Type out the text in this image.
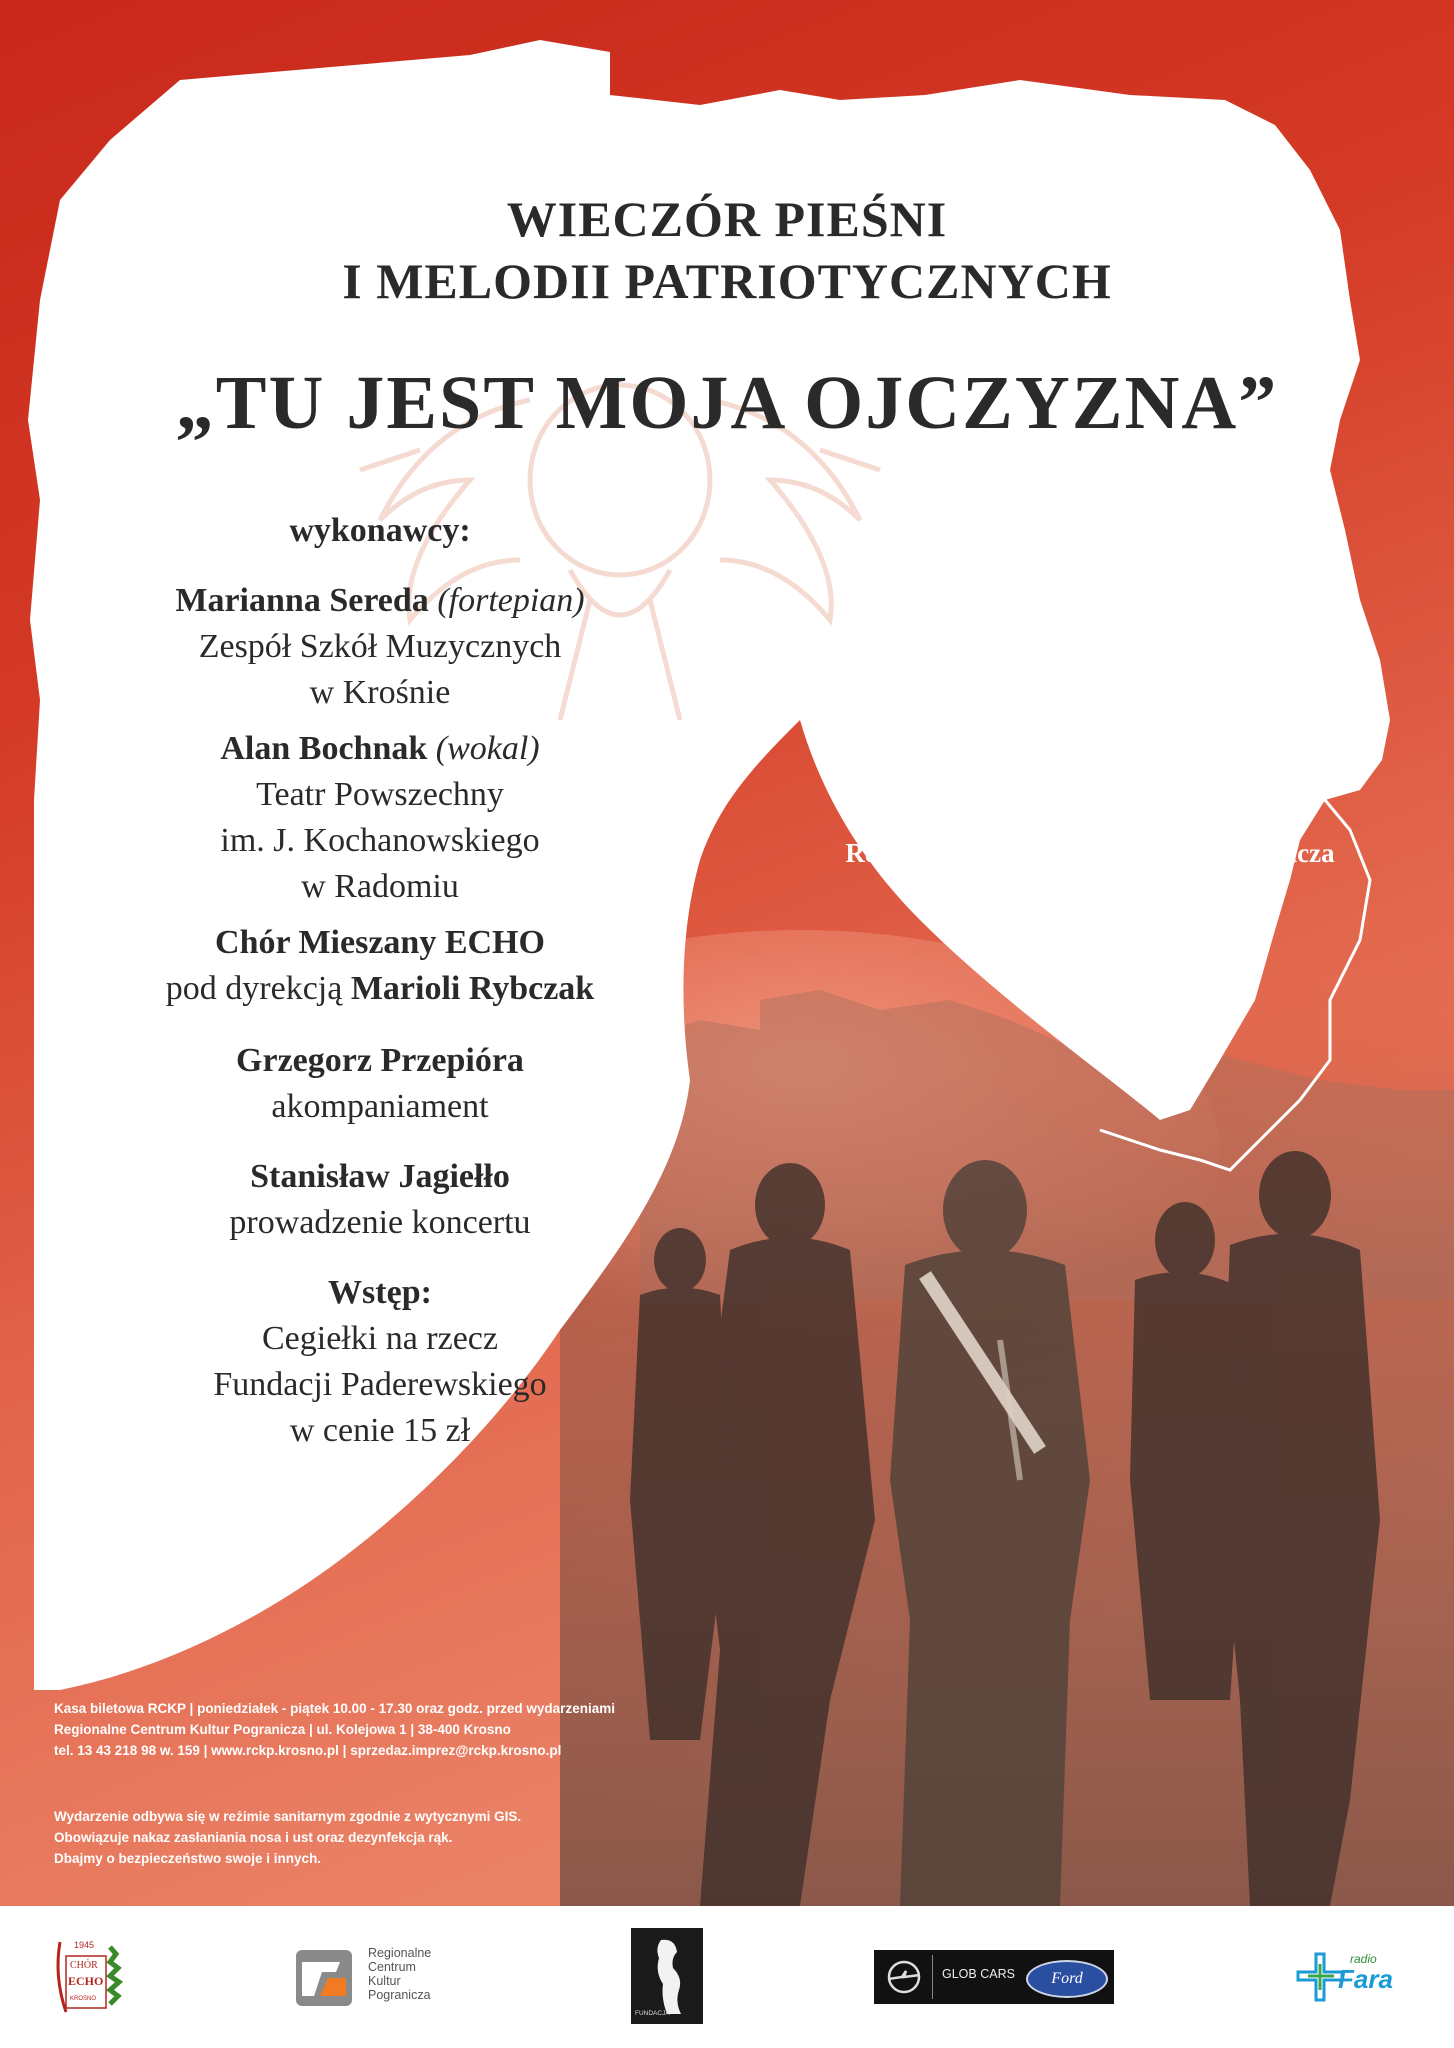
WIECZÓR PIEŚNI
I MELODII PATRIOTYCZNYCH
„TU JEST MOJA OJCZYZNA”
wykonawcy:
Marianna Sereda (fortepian)
Zespół Szkół Muzycznych
w Krośnie
Alan Bochnak (wokal)
Teatr Powszechny
im. J. Kochanowskiego
w Radomiu
Chór Mieszany ECHO
pod dyrekcją Marioli Rybczak
Grzegorz Przepióra
akompaniament
Stanisław Jagiełło
prowadzenie koncertu
Wstęp:
Cegiełki na rzecz
Fundacji Paderewskiego
w cenie 15 zł
11 listopada 2021
(czwartek) godz. 18.00
sala widowiskowa
Regionalnego Centrum Kultur Pogranicza
w Krośnie, ul. Kolejowa 1
Kasa biletowa RCKP | poniedziałek - piątek 10.00 - 17.30 oraz godz. przed wydarzeniami
Regionalne Centrum Kultur Pogranicza | ul. Kolejowa 1 | 38-400 Krosno
tel. 13 43 218 98 w. 159 | www.rckp.krosno.pl | sprzedaz.imprez@rckp.krosno.pl
Wydarzenie odbywa się w reżimie sanitarnym zgodnie z wytycznymi GIS.
Obowiązuje nakaz zasłaniania nosa i ust oraz dezynfekcja rąk.
Dbajmy o bezpieczeństwo swoje i innych.
1945
CHÓR
ECHO
KROSNO
Regionalne
Centrum
Kultur
Pogranicza
FUNDACJA
GLOB CARS	Ford
radio
Fara
